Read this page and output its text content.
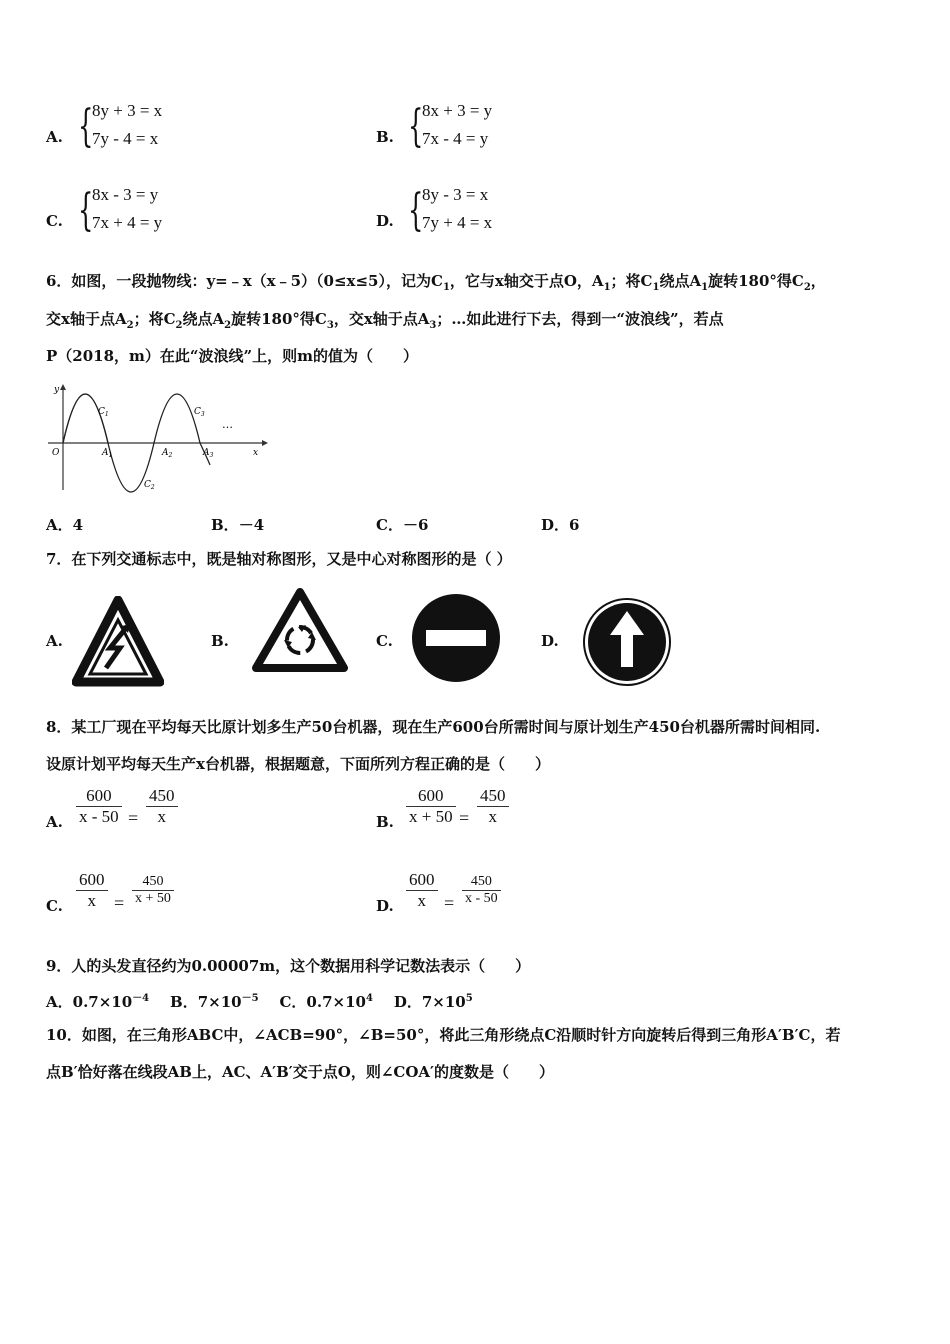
A. {
8y + 3 = x
7y - 4 = x	B. {
8x + 3 = y
7x - 4 = y
C. {
8x - 3 = y
7x + 4 = y	D. {
8y - 3 = x
7y + 4 = x
6．如图，一段抛物线：y=﹣x（x﹣5）（0≤x≤5），记为$C_1$，它与x轴交于点O，$A_1$；将$C_1$绕点$A_1$旋转180°得$C_2$，
交x轴于点$A_2$；将$C_2$绕点$A_2$旋转180°得$C_3$，交x轴于点$A_3$；…如此进行下去，得到一“波浪线”，若点
P（2018，m）在此“波浪线”上，则m的值为（　　）
y
x
O
$C_1$
$C_2$
$C_3$
$A_1$	$A_2$	$A_3$
…
A．4	B．－4	C．－6	D．6
7．在下列交通标志中，既是轴对称图形，又是中心对称图形的是（ ）
A.	B.	C.	D.
8．某工厂现在平均每天比原计划多生产50台机器，现在生产600台所需时间与原计划生产450台机器所需时间相同.
设原计划平均每天生产x台机器，根据题意，下面所列方程正确的是（　　）
A. $\frac{600}{x - 50} = \frac{450}{x}$	B. $\frac{600}{x + 50} = \frac{450}{x}$
C. $\frac{600}{x} = \frac{450}{x + 50}$	D. $\frac{600}{x} = \frac{450}{x - 50}$
9．人的头发直径约为0.00007m，这个数据用科学记数法表示（　　）
A．$0.7\times 10^{-4}$ B．$7\times 10^{-5}$ C．$0.7\times 10^4$ D．$7\times 10^5$
10．如图，在三角形ABC中，∠ACB=90°，∠B=50°，将此三角形绕点C沿顺时针方向旋转后得到三角形A′B′C，若
点B′恰好落在线段AB上，AC、A′B′交于点O，则∠COA′的度数是（　　）
